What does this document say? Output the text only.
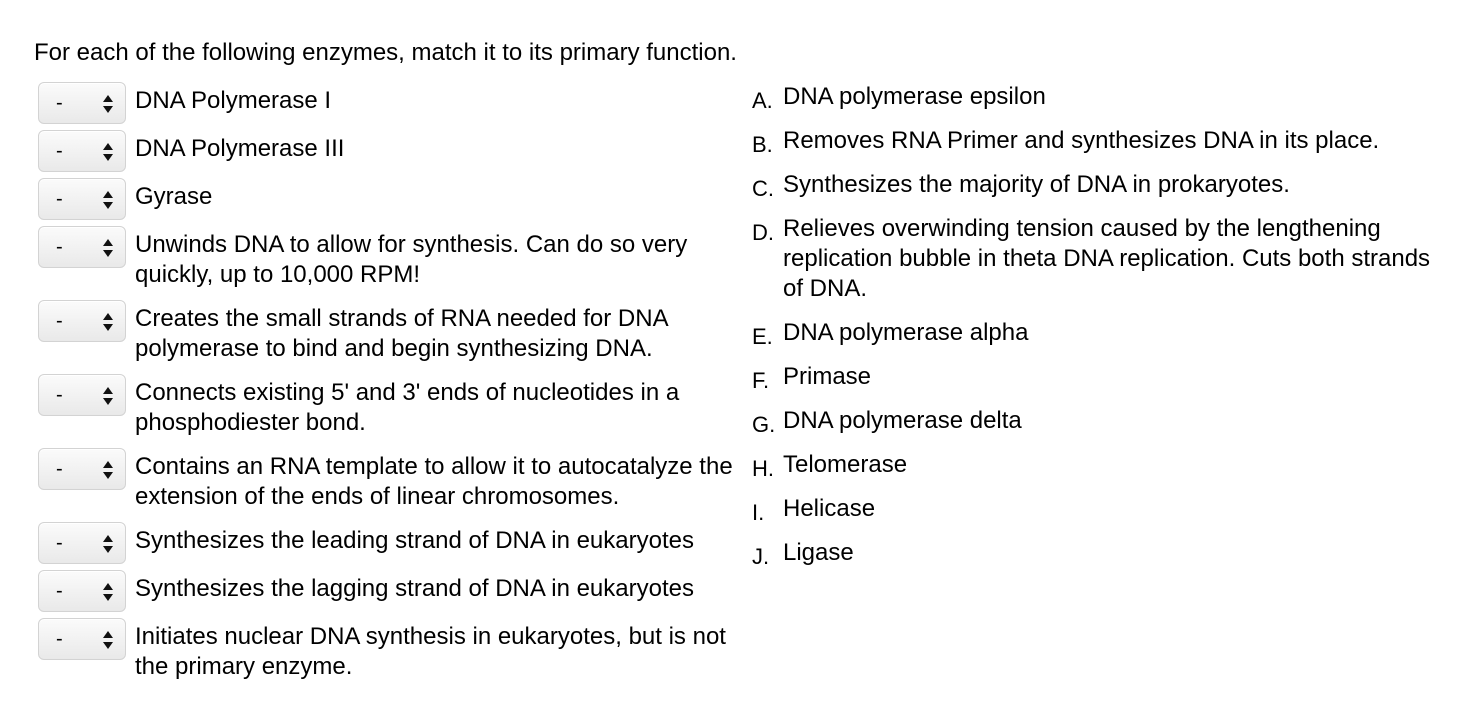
For each of the following enzymes, match it to its primary function.
-	DNA Polymerase I
-	DNA Polymerase III
-	Gyrase
-	Unwinds DNA to allow for synthesis. Can do so very quickly, up to 10,000 RPM!
-	Creates the small strands of RNA needed for DNA polymerase to bind and begin synthesizing DNA.
-	Connects existing 5' and 3' ends of nucleotides in a phosphodiester bond.
-	Contains an RNA template to allow it to autocatalyze the extension of the ends of linear chromosomes.
-	Synthesizes the leading strand of DNA in eukaryotes
-	Synthesizes the lagging strand of DNA in eukaryotes
-	Initiates nuclear DNA synthesis in eukaryotes, but is not the primary enzyme.
A. DNA polymerase epsilon
B. Removes RNA Primer and synthesizes DNA in its place.
C. Synthesizes the majority of DNA in prokaryotes.
D. Relieves overwinding tension caused by the lengthening replication bubble in theta DNA replication. Cuts both strands of DNA.
E. DNA polymerase alpha
F. Primase
G. DNA polymerase delta
H. Telomerase
I. Helicase
J. Ligase
